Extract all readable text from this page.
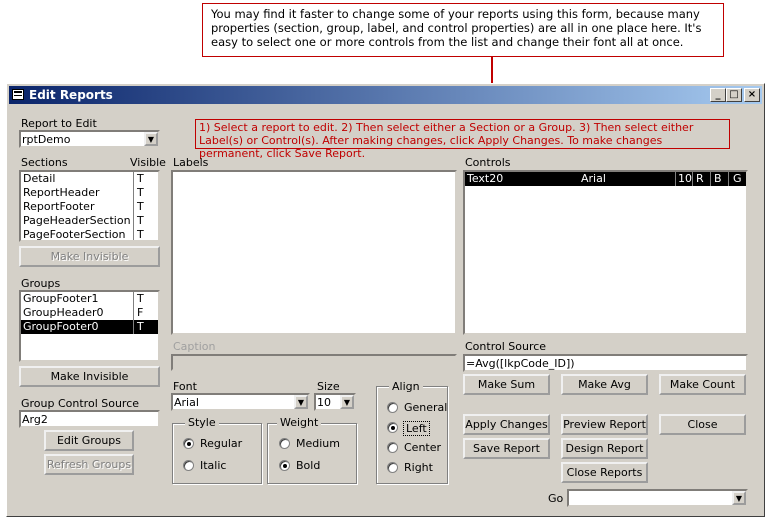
You may find it faster to change some of your reports using this form, because many properties (section, group, label, and control properties) are all in one place here. It's easy to select one or more controls from the list and change their font all at once.
Edit Reports	_ □ ×
Report to Edit
rptDemo	▼
1) Select a report to edit. 2) Then select either a Section or a Group. 3) Then select either Label(s) or Control(s). After making changes, click Apply Changes. To make changes permanent, click Save Report.
Sections	Visible
Detail	T
ReportHeader	T
ReportFooter	T
PageHeaderSection T
PageFooterSection T
Make Invisible
Groups
GroupFooter1	T
GroupHeader0	F
GroupFooter0	T
Make Invisible
Group Control Source
Arg2
Edit Groups
Refresh Groups
Labels
Caption
Font
Arial	▼
Size
10	▼
Style
Regular
Italic
Weight
Medium
Bold
Align
General
Left
Center
Right
Controls
Text20	Arial	10 R B G
Control Source
=Avg([lkpCode_ID])
Make Sum	Make Avg	Make Count
Apply Changes Preview Report	Close
Save Report Design Report
Close Reports
Go	▼
